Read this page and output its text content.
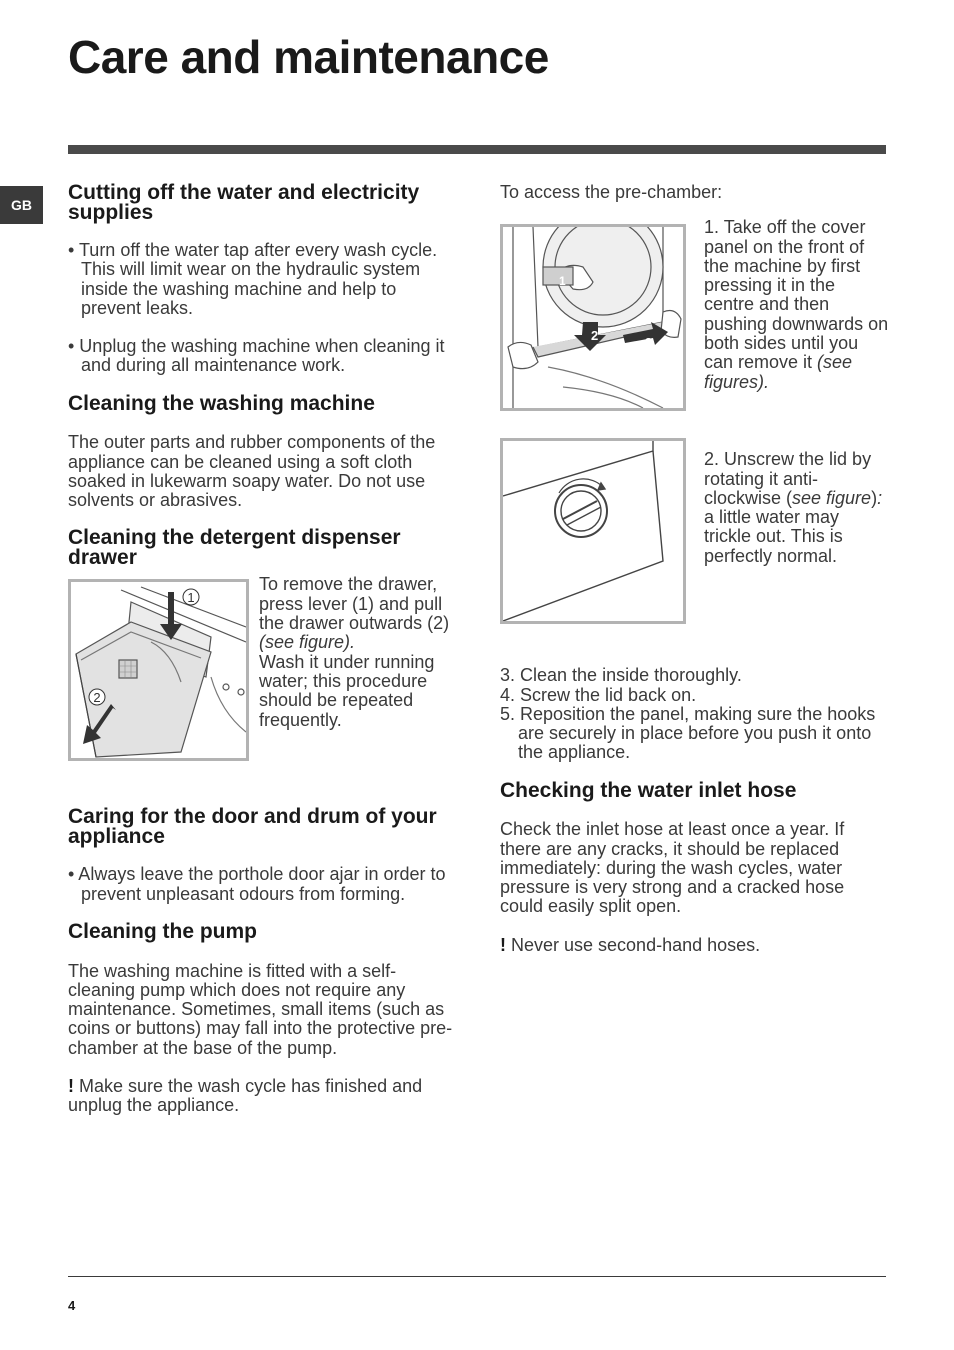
Care and maintenance
GB
Cutting off the water and electricity supplies

• Turn off the water tap after every wash cycle. This will limit wear on the hydraulic system inside the washing machine and help to prevent leaks.

• Unplug the washing machine when cleaning it and during all maintenance work.

Cleaning the washing machine

The outer parts and rubber components of the appliance can be cleaned using a soft cloth soaked in lukewarm soapy water. Do not use solvents or abrasives.

Cleaning the detergent dispenser drawer
1
2
To remove the drawer, press lever (1) and pull the drawer outwards (2) (see figure).
Wash it under running water; this procedure should be repeated frequently.
Caring for the door and drum of your appliance

• Always leave the porthole door ajar in order to prevent unpleasant odours from forming.

Cleaning the pump

The washing machine is fitted with a self-cleaning pump which does not require any maintenance. Sometimes, small items (such as coins or buttons) may fall into the protective pre-chamber at the base of the pump.

! Make sure the wash cycle has finished and unplug the appliance.

To access the pre-chamber:

1
2	3
1. Take off the cover panel on the front of the machine by first pressing it in the centre and then pushing downwards on both sides until you can remove it (see figures).
2. Unscrew the lid by rotating it anti-clockwise (see figure): a little water may trickle out. This is perfectly normal.

3. Clean the inside thoroughly.

4. Screw the lid back on.

5. Reposition the panel, making sure the hooks are securely in place before you push it onto the appliance.

Checking the water inlet hose

Check the inlet hose at least once a year. If there are any cracks, it should be replaced immediately: during the wash cycles, water pressure is very strong and a cracked hose could easily split open.

! Never use second-hand hoses.

4
